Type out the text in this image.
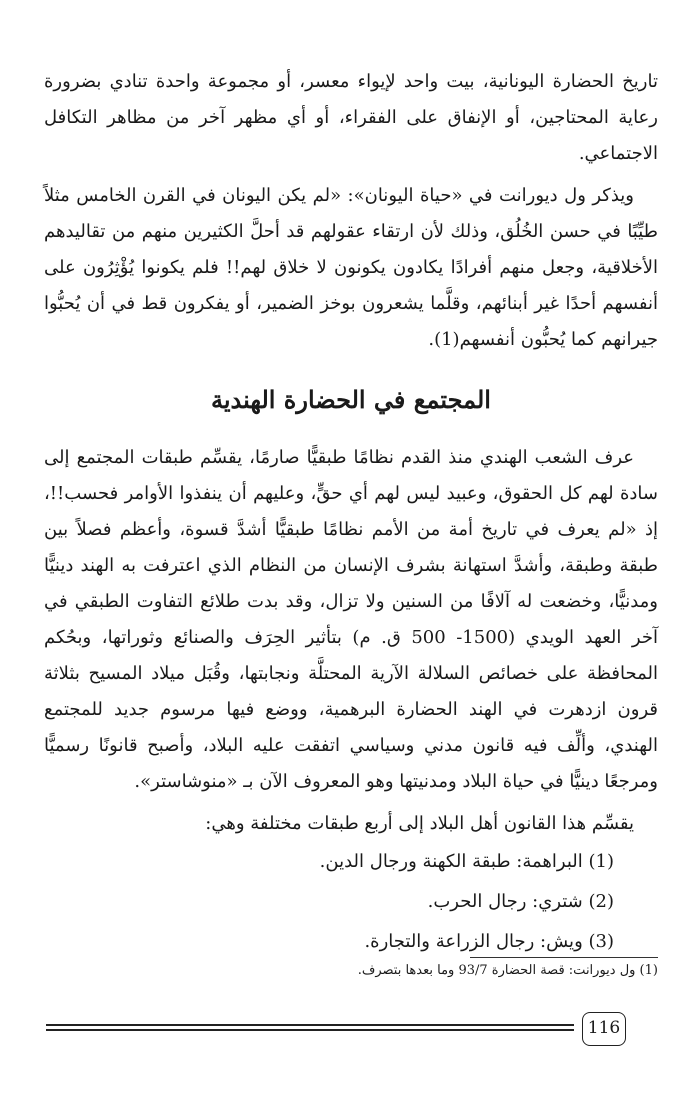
تاريخ الحضارة اليونانية، بيت واحد لإيواء معسر، أو مجموعة واحدة تنادي بضرورة رعاية المحتاجين، أو الإنفاق على الفقراء، أو أي مظهر آخر من مظاهر التكافل الاجتماعي.

ويذكر ول ديورانت في «حياة اليونان»: «لم يكن اليونان في القرن الخامس مثلاً طيِّبًا في حسن الخُلُق، وذلك لأن ارتقاء عقولهم قد أحلَّ الكثيرين منهم من تقاليدهم الأخلاقية، وجعل منهم أفرادًا يكادون يكونون لا خلاق لهم!! فلم يكونوا يُؤْثِرُون على أنفسهم أحدًا غير أبنائهم، وقلَّما يشعرون بوخز الضمير، أو يفكرون قط في أن يُحبُّوا جيرانهم كما يُحبُّون أنفسهم(1).

المجتمع في الحضارة الهندية

عرف الشعب الهندي منذ القدم نظامًا طبقيًّا صارمًا، يقسِّم طبقات المجتمع إلى سادة لهم كل الحقوق، وعبيد ليس لهم أي حقٍّ، وعليهم أن ينفذوا الأوامر فحسب!!، إذ «لم يعرف في تاريخ أمة من الأمم نظامًا طبقيًّا أشدَّ قسوة، وأعظم فصلاً بين طبقة وطبقة، وأشدَّ استهانة بشرف الإنسان من النظام الذي اعترفت به الهند دينيًّا ومدنيًّا، وخضعت له آلافًا من السنين ولا تزال، وقد بدت طلائع التفاوت الطبقي في آخر العهد الويدي (1500- 500 ق. م) بتأثير الحِرَف والصنائع وثوراتها، وبحُكم المحافظة على خصائص السلالة الآرية المحتلَّة ونجابتها، وقُبَل ميلاد المسيح بثلاثة قرون ازدهرت في الهند الحضارة البرهمية، ووضع فيها مرسوم جديد للمجتمع الهندي، وألِّف فيه قانون مدني وسياسي اتفقت عليه البلاد، وأصبح قانونًا رسميًّا ومرجعًا دينيًّا في حياة البلاد ومدنيتها وهو المعروف الآن بـ «منوشاستر».

يقسِّم هذا القانون أهل البلاد إلى أربع طبقات مختلفة وهي:

(1) البراهمة: طبقة الكهنة ورجال الدين.

(2) شتري: رجال الحرب.

(3) ويش: رجال الزراعة والتجارة.

(1) ول ديورانت: قصة الحضارة 93/7 وما بعدها بتصرف.
116
